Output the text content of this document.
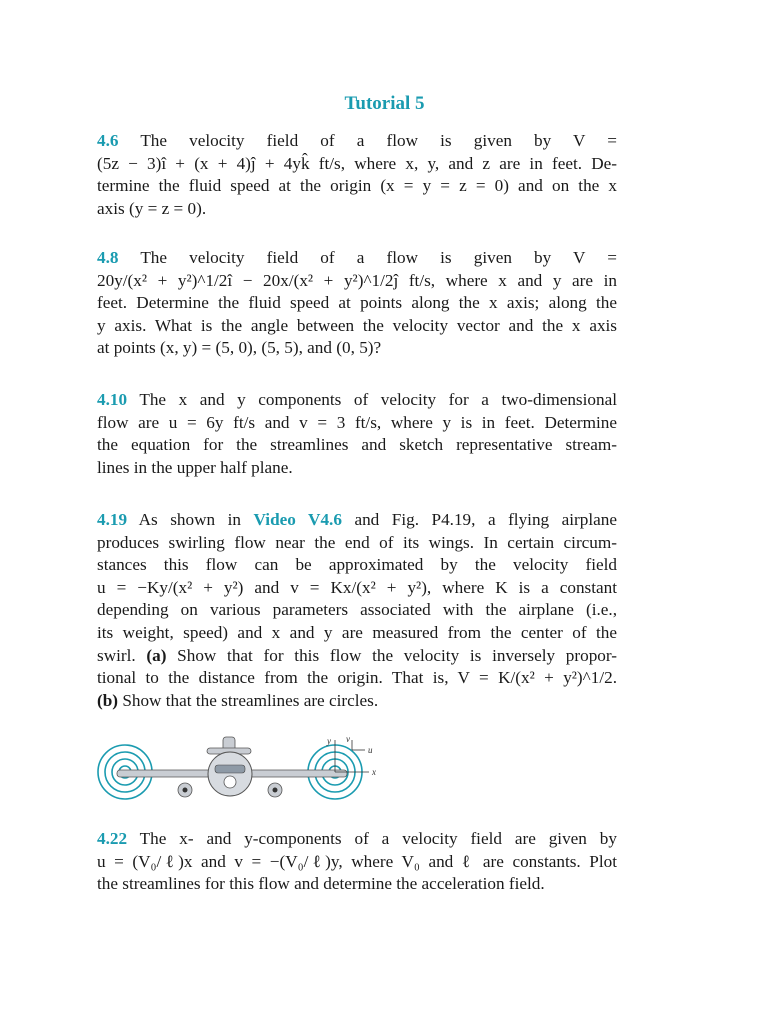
Tutorial 5
4.6 The velocity field of a flow is given by V =
(5z − 3)î + (x + 4)ĵ + 4yk̂ ft/s, where x, y, and z are in feet. De-
termine the fluid speed at the origin (x = y = z = 0) and on the x
axis (y = z = 0).
4.8 The velocity field of a flow is given by V =
20y/(x² + y²)^1/2î − 20x/(x² + y²)^1/2ĵ ft/s, where x and y are in
feet. Determine the fluid speed at points along the x axis; along the
y axis. What is the angle between the velocity vector and the x axis
at points (x, y) = (5, 0), (5, 5), and (0, 5)?
4.10 The x and y components of velocity for a two-dimensional
flow are u = 6y ft/s and v = 3 ft/s, where y is in feet. Determine
the equation for the streamlines and sketch representative stream-
lines in the upper half plane.
4.19 As shown in Video V4.6 and Fig. P4.19, a flying airplane
produces swirling flow near the end of its wings. In certain circum-
stances this flow can be approximated by the velocity field
u = −Ky/(x² + y²) and v = Kx/(x² + y²), where K is a constant
depending on various parameters associated with the airplane (i.e.,
its weight, speed) and x and y are measured from the center of the
swirl. (a) Show that for this flow the velocity is inversely propor-
tional to the distance from the origin. That is, V = K/(x² + y²)^1/2.
(b) Show that the streamlines are circles.
y v
u
x
4.22 The x- and y-components of a velocity field are given by
u = (V₀/ℓ)x and v = −(V₀/ℓ)y, where V₀ and ℓ are constants. Plot
the streamlines for this flow and determine the acceleration field.
